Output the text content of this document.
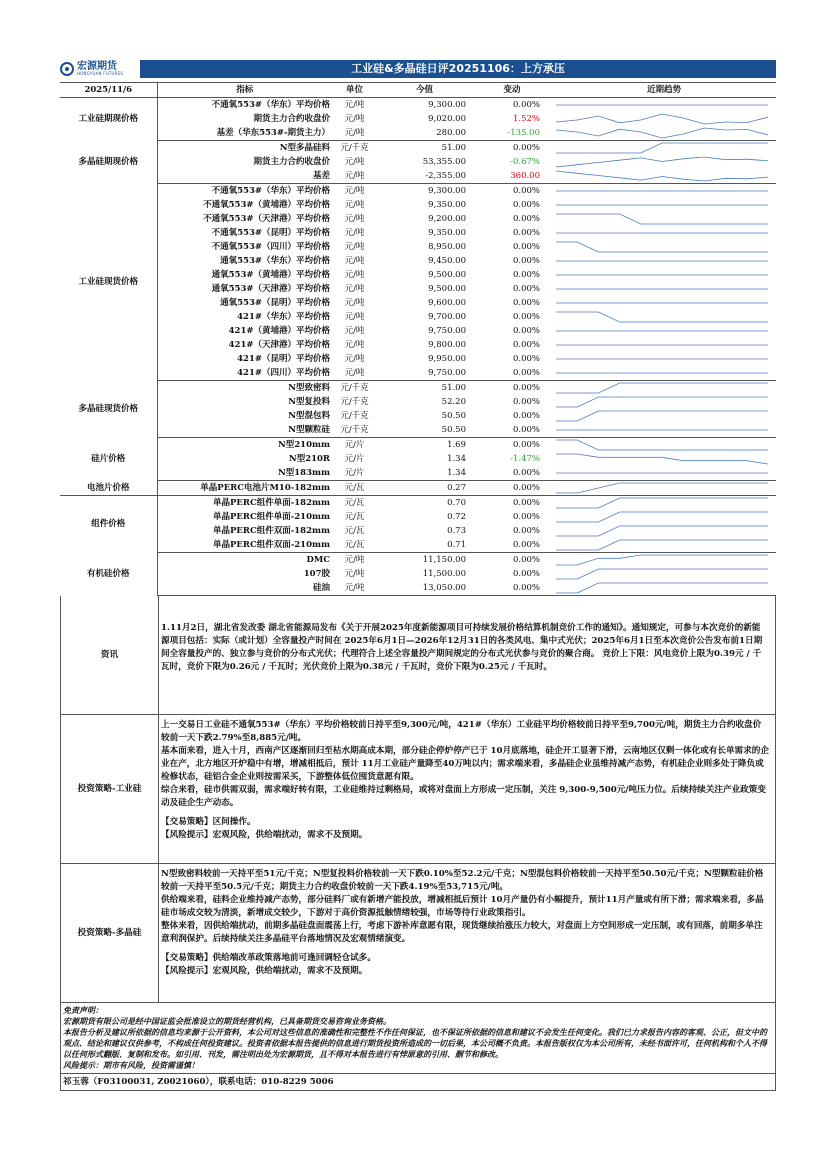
宏源期货
HONGYUAN FUTURES	工业硅&多晶硅日评20251106：上方承压
2025/11/6	指标	单位	今值	变动	近期趋势
工业硅期现价格	不通氧553#（华东）平均价格	元/吨	9,300.00	0.00%	

	期货主力合约收盘价	元/吨	9,020.00	1.52%	

	基差（华东553#-期货主力）	元/吨	280.00	-135.00	

多晶硅期现价格	N型多晶硅料	元/千克	51.00	0.00%	

	期货主力合约收盘价	元/吨	53,355.00	-0.67%	

	基差	元/吨	-2,355.00	360.00	

工业硅现货价格	不通氧553#（华东）平均价格	元/吨	9,300.00	0.00%	

	不通氧553#（黄埔港）平均价格	元/吨	9,350.00	0.00%	

	不通氧553#（天津港）平均价格	元/吨	9,200.00	0.00%	

	不通氧553#（昆明）平均价格	元/吨	9,350.00	0.00%	

	不通氧553#（四川）平均价格	元/吨	8,950.00	0.00%	

	通氧553#（华东）平均价格	元/吨	9,450.00	0.00%	

	通氧553#（黄埔港）平均价格	元/吨	9,500.00	0.00%	

	通氧553#（天津港）平均价格	元/吨	9,500.00	0.00%	

	通氧553#（昆明）平均价格	元/吨	9,600.00	0.00%	

	421#（华东）平均价格	元/吨	9,700.00	0.00%	

	421#（黄埔港）平均价格	元/吨	9,750.00	0.00%	

	421#（天津港）平均价格	元/吨	9,800.00	0.00%	

	421#（昆明）平均价格	元/吨	9,950.00	0.00%	

	421#（四川）平均价格	元/吨	9,750.00	0.00%	

多晶硅现货价格	N型致密料	元/千克	51.00	0.00%	

	N型复投料	元/千克	52.20	0.00%	

	N型混包料	元/千克	50.50	0.00%	

	N型颗粒硅	元/千克	50.50	0.00%	

硅片价格	N型210mm	元/片	1.69	0.00%	

	N型210R	元/片	1.34	-1.47%	

	N型183mm	元/片	1.34	0.00%	

电池片价格	单晶PERC电池片M10-182mm	元/瓦	0.27	0.00%	

组件价格	单晶PERC组件单面-182mm	元/瓦	0.70	0.00%	

	单晶PERC组件单面-210mm	元/瓦	0.72	0.00%	

	单晶PERC组件双面-182mm	元/瓦	0.73	0.00%	

	单晶PERC组件双面-210mm	元/瓦	0.71	0.00%	

有机硅价格	DMC	元/吨	11,150.00	0.00%	

	107胶	元/吨	11,500.00	0.00%	

	硅油	元/吨	13,050.00	0.00%	
资讯

1.11月2日，湖北省发改委 湖北省能源局发布《关于开展2025年度新能源项目可持续发展价格结算机制竞价工作的通知》。通知规定，可参与本次竞价的新能源项目包括：实际（或计划）全容量投产时间在 2025年6月1日—2026年12月31日的各类风电、集中式光伏；2025年6月1日至本次竞价公告发布前1日期间全容量投产的、独立参与竞价的分布式光伏；代理符合上述全容量投产期间规定的分布式光伏参与竞价的聚合商。 竞价上下限：风电竞价上限为0.39元 / 千瓦时，竞价下限为0.26元 / 千瓦时；光伏竞价上限为0.38元 / 千瓦时，竞价下限为0.25元 / 千瓦时。

投资策略-工业硅

上一交易日工业硅不通氧553#（华东）平均价格较前日持平至9,300元/吨，421#（华东）工业硅平均价格较前日持平至9,700元/吨，期货主力合约收盘价较前一天下跌2.79%至8,885元/吨。

基本面来看，进入十月，西南产区逐渐回归至枯水期高成本期，部分硅企停炉停产已于 10月底落地，硅企开工显著下滑，云南地区仅剩一体化或有长单需求的企业在产，北方地区开炉稳中有增，增减相抵后，预计 11月工业硅产量降至40万吨以内；需求端来看，多晶硅企业虽维持减产态势，有机硅企业则多处于降负或检修状态，硅铝合金企业则按需采买，下游整体低位囤货意愿有限。

综合来看，硅市供需双弱，需求端好转有限，工业硅维持过剩格局，或将对盘面上方形成一定压制，关注 9,300-9,500元/吨压力位。后续持续关注产业政策变动及硅企生产动态。

【交易策略】区间操作。

【风险提示】宏观风险，供给端扰动，需求不及预期。

投资策略-多晶硅

N型致密料较前一天持平至51元/千克；N型复投料价格较前一天下跌0.10%至52.2元/千克；N型混包料价格较前一天持平至50.50元/千克；N型颗粒硅价格较前一天持平至50.5元/千克；期货主力合约收盘价较前一天下跌4.19%至53,715元/吨。

供给端来看，硅料企业维持减产态势，部分硅料厂或有新增产能投放，增减相抵后预计 10月产量仍有小幅提升，预计11月产量或有所下滑；需求端来看，多晶硅市场成交较为清淡，新增成交较少，下游对于高价资源抵触情绪较强，市场等待行业政策指引。

整体来看，因供给端扰动，前期多晶硅盘面震荡上行，考虑下游补库意愿有限，现货继续抬涨压力较大，对盘面上方空间形成一定压制，或有回落，前期多单注意利润保护。后续持续关注多晶硅平台落地情况及宏观情绪演变。

【交易策略】供给端改革政策落地前可逢回调轻仓试多。

【风险提示】宏观风险，供给端扰动，需求不及预期。

免责声明：

宏源期货有限公司是经中国证监会批准设立的期货经营机构，已具备期货交易咨询业务资格。

本报告分析及建议所依据的信息均来源于公开资料，本公司对这些信息的准确性和完整性不作任何保证，也不保证所依据的信息和建议不会发生任何变化。我们已力求报告内容的客观、公正，但文中的观点、结论和建议仅供参考，不构成任何投资建议。投资者依据本报告提供的信息进行期货投资所造成的一切后果，本公司概不负责。本报告版权仅为本公司所有，未经书面许可，任何机构和个人不得以任何形式翻版、复制和发布。如引用、刊发，需注明出处为宏源期货，且不得对本报告进行有悖原意的引用、删节和修改。

风险提示：期市有风险，投资需谨慎！

祁玉蓉（F03100031, Z0021060），联系电话：010-8229 5006
